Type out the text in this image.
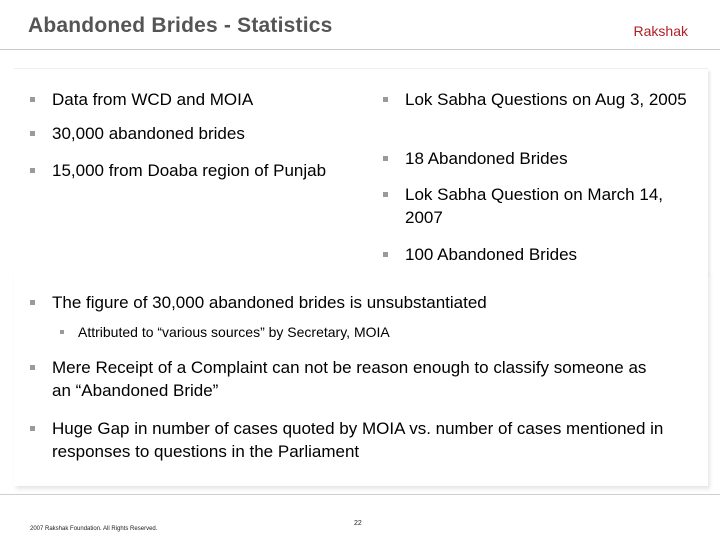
Abandoned Brides - Statistics	Rakshak
Data from WCD and MOIA
30,000 abandoned brides
15,000 from Doaba region of Punjab
Lok Sabha Questions on Aug 3, 2005
18 Abandoned Brides
Lok Sabha Question on March 14, 2007
100 Abandoned Brides
The figure of 30,000 abandoned brides is unsubstantiated
Attributed to “various sources” by Secretary, MOIA
Mere Receipt of a Complaint can not be reason enough to classify someone as an “Abandoned Bride”
Huge Gap in number of cases quoted by MOIA vs. number of cases mentioned in responses to questions in the Parliament
2007 Rakshak Foundation. All Rights Reserved.
22
